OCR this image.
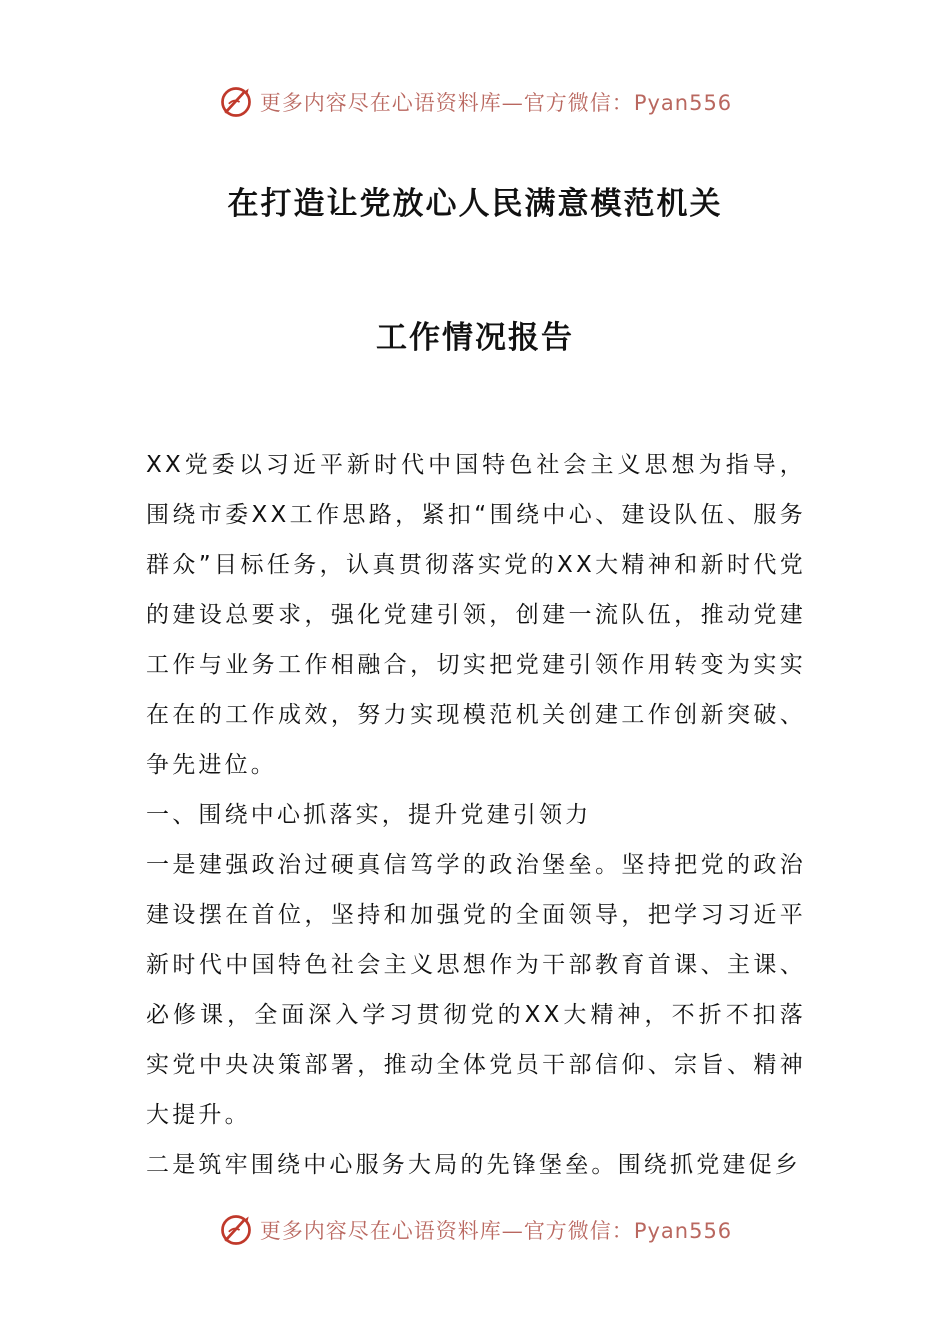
更多内容尽在心语资料库—官方微信：Pyan556
在打造让党放心人民满意模范机关
工作情况报告

XX党委以习近平新时代中国特色社会主义思想为指导，围绕市委XX工作思路，紧扣“围绕中心、建设队伍、服务群众”目标任务，认真贯彻落实党的XX大精神和新时代党的建设总要求，强化党建引领，创建一流队伍，推动党建工作与业务工作相融合，切实把党建引领作用转变为实实在在的工作成效，努力实现模范机关创建工作创新突破、争先进位。

一、围绕中心抓落实，提升党建引领力

一是建强政治过硬真信笃学的政治堡垒。坚持把党的政治建设摆在首位，坚持和加强党的全面领导，把学习习近平新时代中国特色社会主义思想作为干部教育首课、主课、必修课，全面深入学习贯彻党的XX大精神，不折不扣落实党中央决策部署，推动全体党员干部信仰、宗旨、精神大提升。

二是筑牢围绕中心服务大局的先锋堡垒。围绕抓党建促乡

更多内容尽在心语资料库—官方微信：Pyan556
